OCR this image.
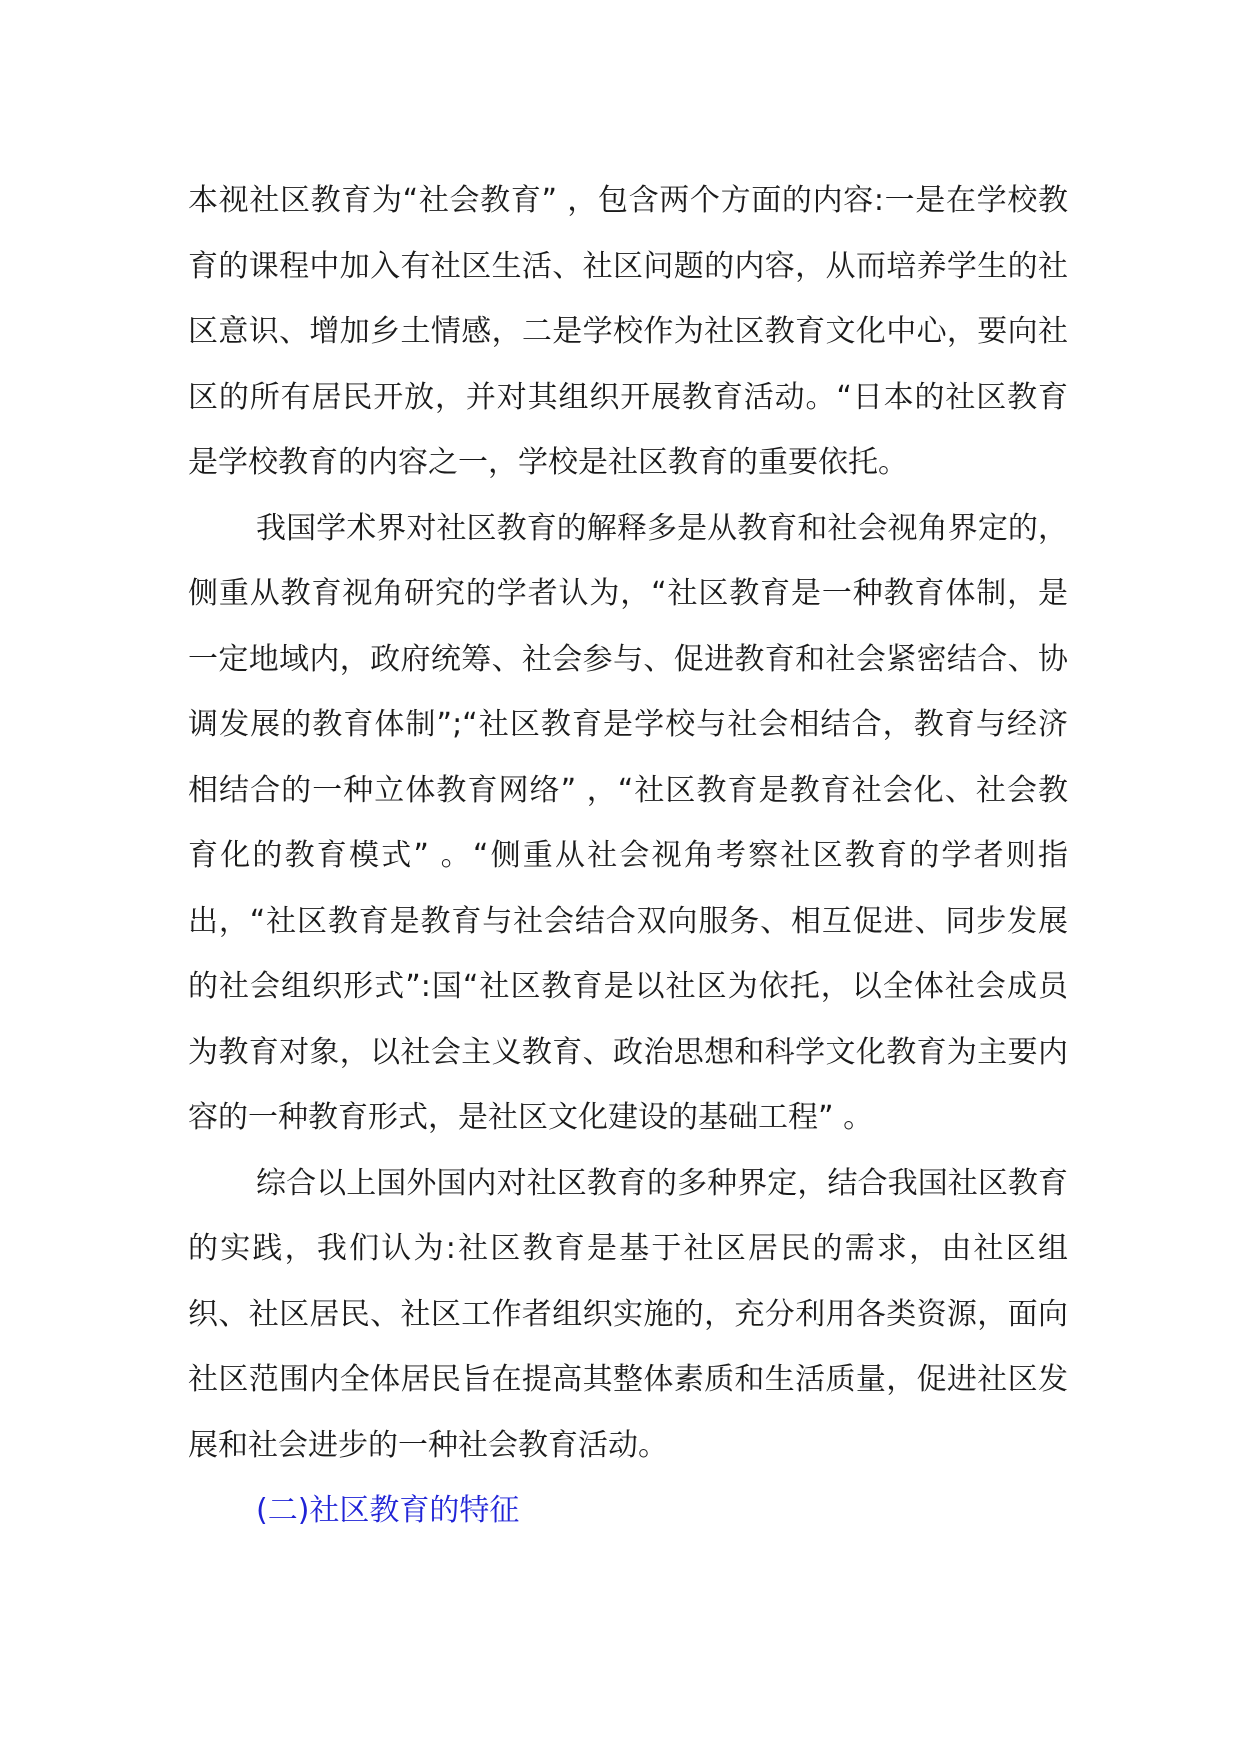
本视社区教育为“社会教育” ，包含两个方面的内容:一是在学校教育的课程中加入有社区生活、社区问题的内容，从而培养学生的社区意识、增加乡土情感，二是学校作为社区教育文化中心，要向社区的所有居民开放，并对其组织开展教育活动。“日本的社区教育是学校教育的内容之一，学校是社区教育的重要依托。

我国学术界对社区教育的解释多是从教育和社会视角界定的，侧重从教育视角研究的学者认为，“社区教育是一种教育体制，是一定地域内，政府统筹、社会参与、促进教育和社会紧密结合、协调发展的教育体制”;“社区教育是学校与社会相结合，教育与经济相结合的一种立体教育网络” ，“社区教育是教育社会化、社会教育化的教育模式” 。“侧重从社会视角考察社区教育的学者则指出，“社区教育是教育与社会结合双向服务、相互促进、同步发展的社会组织形式”:国“社区教育是以社区为依托，以全体社会成员为教育对象，以社会主义教育、政治思想和科学文化教育为主要内容的一种教育形式，是社区文化建设的基础工程” 。

综合以上国外国内对社区教育的多种界定，结合我国社区教育的实践，我们认为:社区教育是基于社区居民的需求，由社区组织、社区居民、社区工作者组织实施的，充分利用各类资源，面向社区范围内全体居民旨在提高其整体素质和生活质量，促进社区发展和社会进步的一种社会教育活动。

(二)社区教育的特征
